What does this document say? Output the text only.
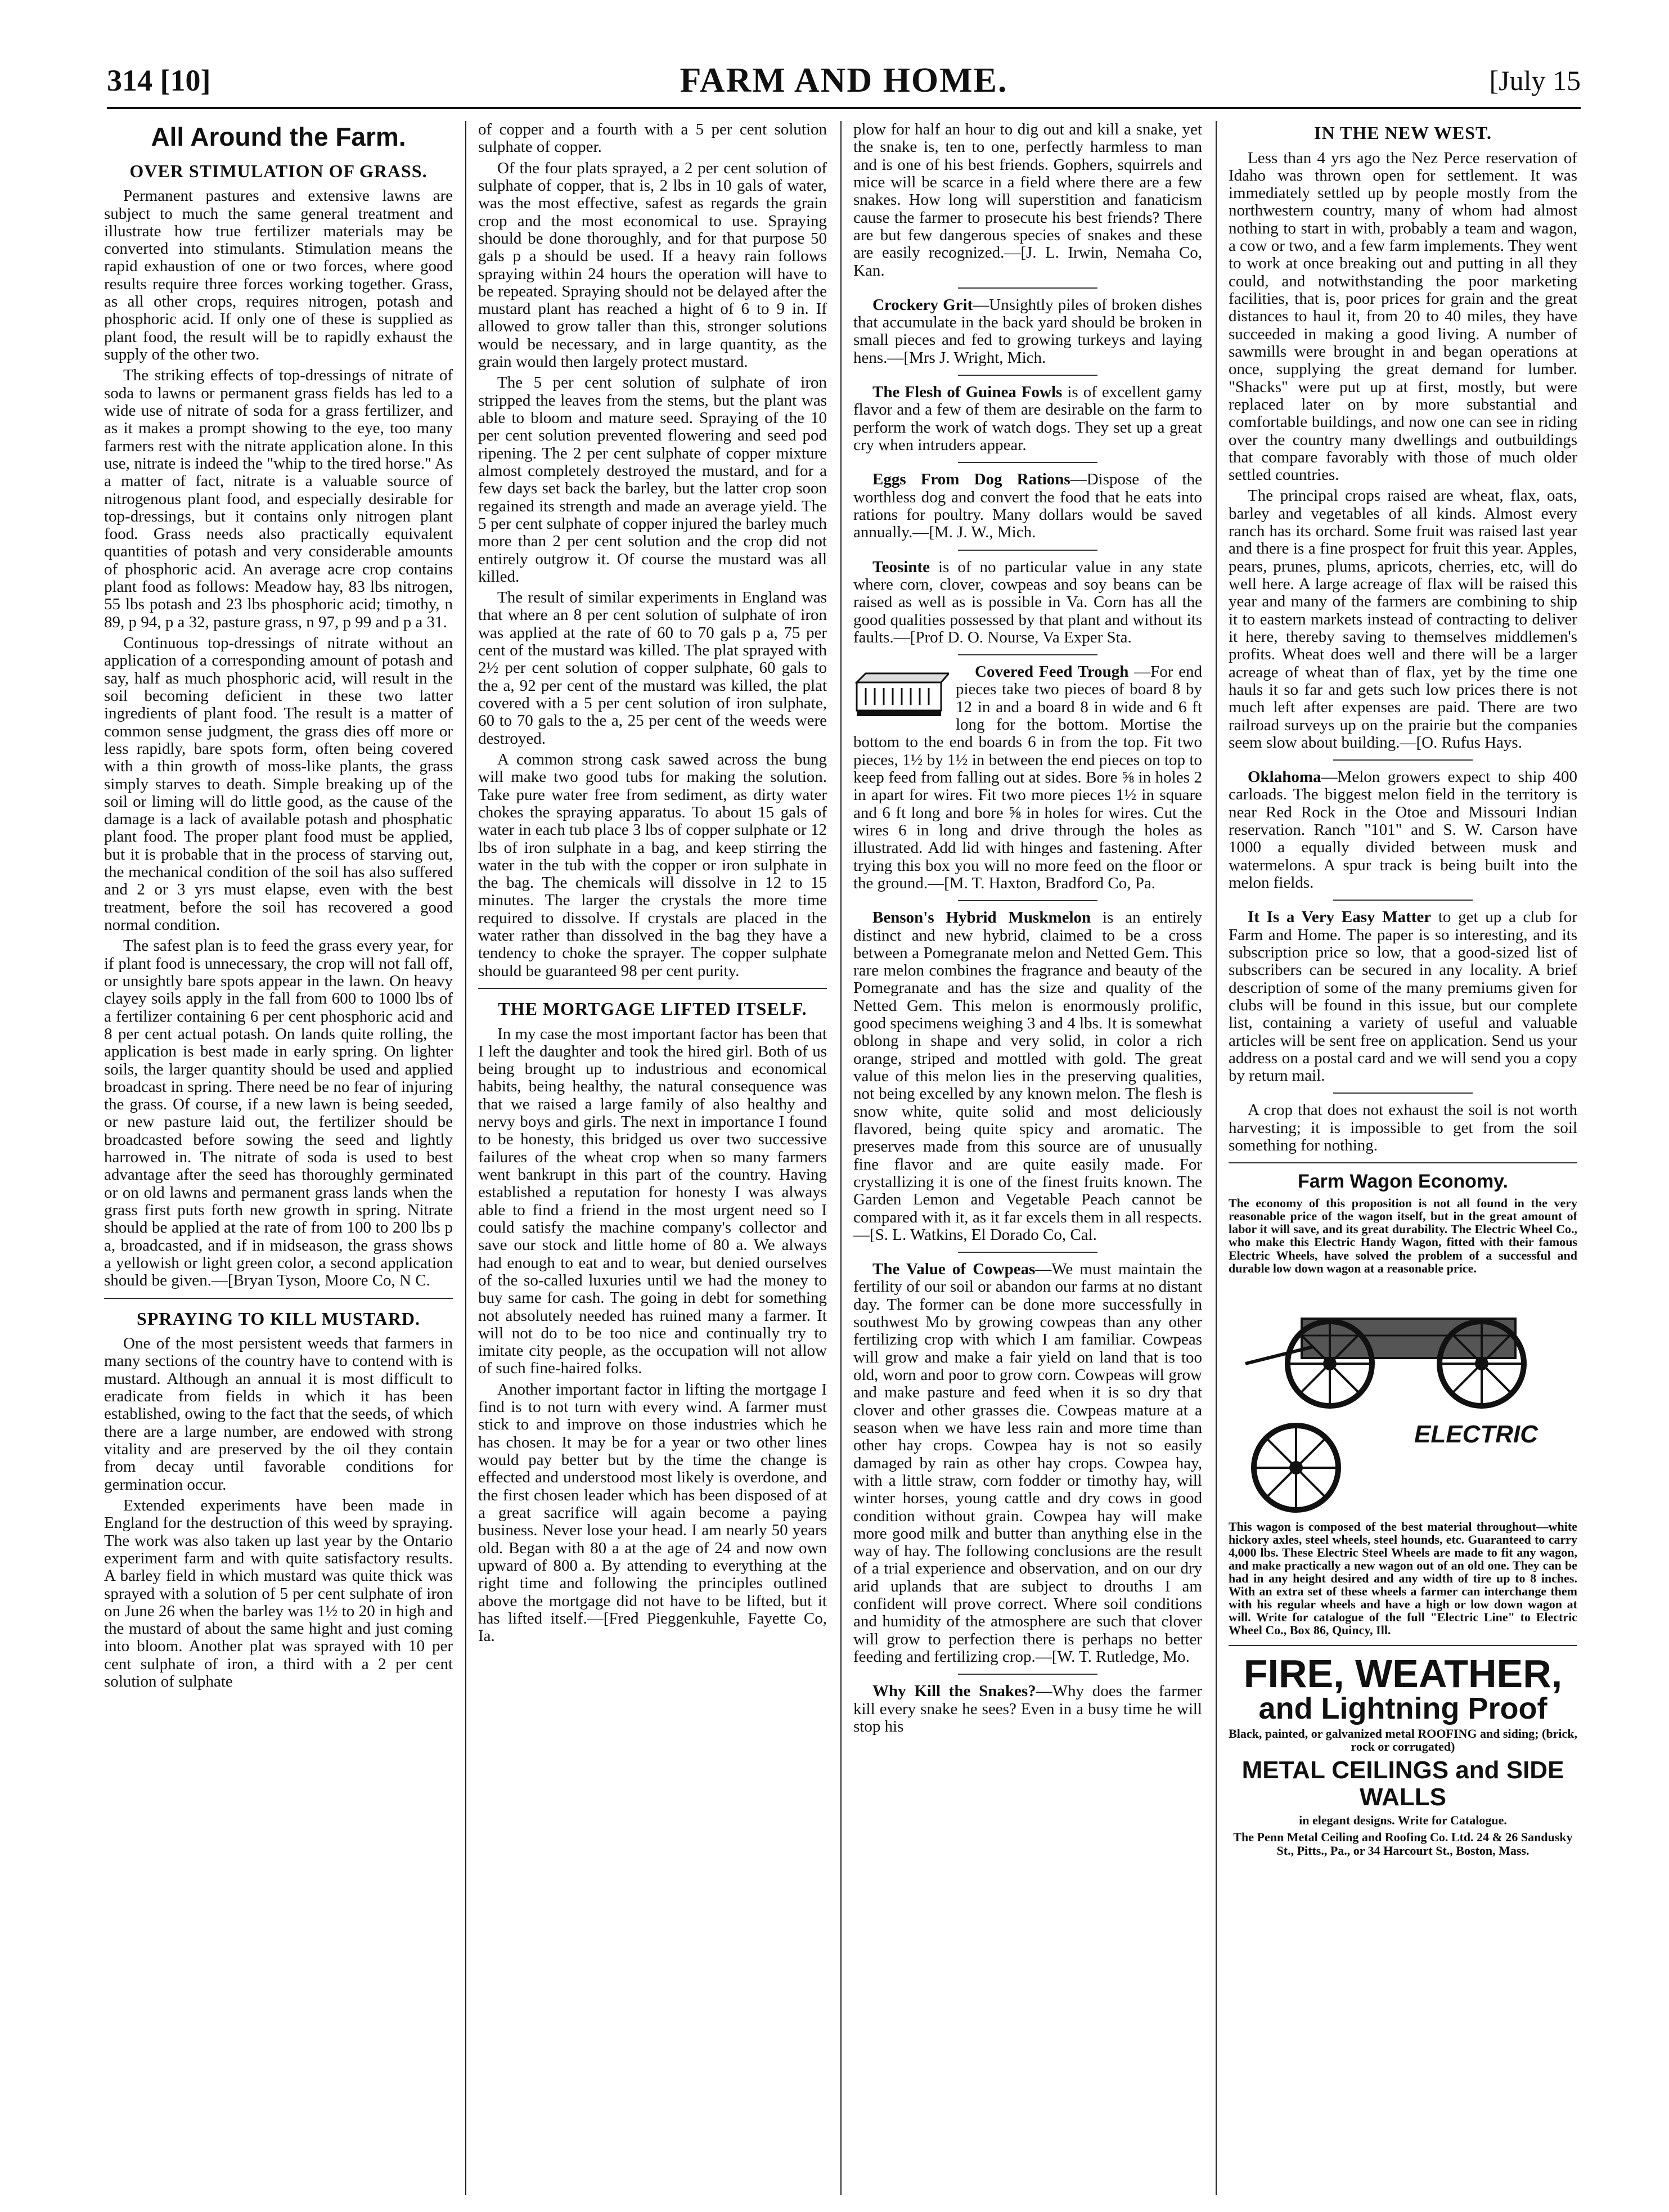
314 [10]	FARM AND HOME.	[July 15
All Around the Farm.
OVER STIMULATION OF GRASS.

Permanent pastures and extensive lawns are subject to much the same general treatment and illustrate how true fertilizer materials may be converted into stimulants. Stimulation means the rapid exhaustion of one or two forces, where good results require three forces working together. Grass, as all other crops, requires nitrogen, potash and phosphoric acid. If only one of these is supplied as plant food, the result will be to rapidly exhaust the supply of the other two.

The striking effects of top-dressings of nitrate of soda to lawns or permanent grass fields has led to a wide use of nitrate of soda for a grass fertilizer, and as it makes a prompt showing to the eye, too many farmers rest with the nitrate application alone. In this use, nitrate is indeed the "whip to the tired horse." As a matter of fact, nitrate is a valuable source of nitrogenous plant food, and especially desirable for top-dressings, but it contains only nitrogen plant food. Grass needs also practically equivalent quantities of potash and very considerable amounts of phosphoric acid. An average acre crop contains plant food as follows: Meadow hay, 83 lbs nitrogen, 55 lbs potash and 23 lbs phosphoric acid; timothy, n 89, p 94, p a 32, pasture grass, n 97, p 99 and p a 31.

Continuous top-dressings of nitrate without an application of a corresponding amount of potash and say, half as much phosphoric acid, will result in the soil becoming deficient in these two latter ingredients of plant food. The result is a matter of common sense judgment, the grass dies off more or less rapidly, bare spots form, often being covered with a thin growth of moss-like plants, the grass simply starves to death. Simple breaking up of the soil or liming will do little good, as the cause of the damage is a lack of available potash and phosphatic plant food. The proper plant food must be applied, but it is probable that in the process of starving out, the mechanical condition of the soil has also suffered and 2 or 3 yrs must elapse, even with the best treatment, before the soil has recovered a good normal condition.

The safest plan is to feed the grass every year, for if plant food is unnecessary, the crop will not fall off, or unsightly bare spots appear in the lawn. On heavy clayey soils apply in the fall from 600 to 1000 lbs of a fertilizer containing 6 per cent phosphoric acid and 8 per cent actual potash. On lands quite rolling, the application is best made in early spring. On lighter soils, the larger quantity should be used and applied broadcast in spring. There need be no fear of injuring the grass. Of course, if a new lawn is being seeded, or new pasture laid out, the fertilizer should be broadcasted before sowing the seed and lightly harrowed in. The nitrate of soda is used to best advantage after the seed has thoroughly germinated or on old lawns and permanent grass lands when the grass first puts forth new growth in spring. Nitrate should be applied at the rate of from 100 to 200 lbs p a, broadcasted, and if in midseason, the grass shows a yellowish or light green color, a second application should be given.—[Bryan Tyson, Moore Co, N C.

SPRAYING TO KILL MUSTARD.

One of the most persistent weeds that farmers in many sections of the country have to contend with is mustard. Although an annual it is most difficult to eradicate from fields in which it has been established, owing to the fact that the seeds, of which there are a large number, are endowed with strong vitality and are preserved by the oil they contain from decay until favorable conditions for germination occur.

Extended experiments have been made in England for the destruction of this weed by spraying. The work was also taken up last year by the Ontario experiment farm and with quite satisfactory results. A barley field in which mustard was quite thick was sprayed with a solution of 5 per cent sulphate of iron on June 26 when the barley was 1½ to 20 in high and the mustard of about the same hight and just coming into bloom. Another plat was sprayed with 10 per cent sulphate of iron, a third with a 2 per cent solution of sulphate

of copper and a fourth with a 5 per cent solution sulphate of copper.

Of the four plats sprayed, a 2 per cent solution of sulphate of copper, that is, 2 lbs in 10 gals of water, was the most effective, safest as regards the grain crop and the most economical to use. Spraying should be done thoroughly, and for that purpose 50 gals p a should be used. If a heavy rain follows spraying within 24 hours the operation will have to be repeated. Spraying should not be delayed after the mustard plant has reached a hight of 6 to 9 in. If allowed to grow taller than this, stronger solutions would be necessary, and in large quantity, as the grain would then largely protect mustard.

The 5 per cent solution of sulphate of iron stripped the leaves from the stems, but the plant was able to bloom and mature seed. Spraying of the 10 per cent solution prevented flowering and seed pod ripening. The 2 per cent sulphate of copper mixture almost completely destroyed the mustard, and for a few days set back the barley, but the latter crop soon regained its strength and made an average yield. The 5 per cent sulphate of copper injured the barley much more than 2 per cent solution and the crop did not entirely outgrow it. Of course the mustard was all killed.

The result of similar experiments in England was that where an 8 per cent solution of sulphate of iron was applied at the rate of 60 to 70 gals p a, 75 per cent of the mustard was killed. The plat sprayed with 2½ per cent solution of copper sulphate, 60 gals to the a, 92 per cent of the mustard was killed, the plat covered with a 5 per cent solution of iron sulphate, 60 to 70 gals to the a, 25 per cent of the weeds were destroyed.

A common strong cask sawed across the bung will make two good tubs for making the solution. Take pure water free from sediment, as dirty water chokes the spraying apparatus. To about 15 gals of water in each tub place 3 lbs of copper sulphate or 12 lbs of iron sulphate in a bag, and keep stirring the water in the tub with the copper or iron sulphate in the bag. The chemicals will dissolve in 12 to 15 minutes. The larger the crystals the more time required to dissolve. If crystals are placed in the water rather than dissolved in the bag they have a tendency to choke the sprayer. The copper sulphate should be guaranteed 98 per cent purity.

THE MORTGAGE LIFTED ITSELF.

In my case the most important factor has been that I left the daughter and took the hired girl. Both of us being brought up to industrious and economical habits, being healthy, the natural consequence was that we raised a large family of also healthy and nervy boys and girls. The next in importance I found to be honesty, this bridged us over two successive failures of the wheat crop when so many farmers went bankrupt in this part of the country. Having established a reputation for honesty I was always able to find a friend in the most urgent need so I could satisfy the machine company's collector and save our stock and little home of 80 a. We always had enough to eat and to wear, but denied ourselves of the so-called luxuries until we had the money to buy same for cash. The going in debt for something not absolutely needed has ruined many a farmer. It will not do to be too nice and continually try to imitate city people, as the occupation will not allow of such fine-haired folks.

Another important factor in lifting the mortgage I find is to not turn with every wind. A farmer must stick to and improve on those industries which he has chosen. It may be for a year or two other lines would pay better but by the time the change is effected and understood most likely is overdone, and the first chosen leader which has been disposed of at a great sacrifice will again become a paying business. Never lose your head. I am nearly 50 years old. Began with 80 a at the age of 24 and now own upward of 800 a. By attending to everything at the right time and following the principles outlined above the mortgage did not have to be lifted, but it has lifted itself.—[Fred Pieggenkuhle, Fayette Co, Ia.

plow for half an hour to dig out and kill a snake, yet the snake is, ten to one, perfectly harmless to man and is one of his best friends. Gophers, squirrels and mice will be scarce in a field where there are a few snakes. How long will superstition and fanaticism cause the farmer to prosecute his best friends? There are but few dangerous species of snakes and these are easily recognized.—[J. L. Irwin, Nemaha Co, Kan.

Crockery Grit—Unsightly piles of broken dishes that accumulate in the back yard should be broken in small pieces and fed to growing turkeys and laying hens.—[Mrs J. Wright, Mich.

The Flesh of Guinea Fowls is of excellent gamy flavor and a few of them are desirable on the farm to perform the work of watch dogs. They set up a great cry when intruders appear.

Eggs From Dog Rations—Dispose of the worthless dog and convert the food that he eats into rations for poultry. Many dollars would be saved annually.—[M. J. W., Mich.

Teosinte is of no particular value in any state where corn, clover, cowpeas and soy beans can be raised as well as is possible in Va. Corn has all the good qualities possessed by that plant and without its faults.—[Prof D. O. Nourse, Va Exper Sta.

Covered Feed Trough —For end pieces take two pieces of board 8 by 12 in and a board 8 in wide and 6 ft long for the bottom. Mortise the bottom to the end boards 6 in from the top. Fit two pieces, 1½ by 1½ in between the end pieces on top to keep feed from falling out at sides. Bore ⅝ in holes 2 in apart for wires. Fit two more pieces 1½ in square and 6 ft long and bore ⅝ in holes for wires. Cut the wires 6 in long and drive through the holes as illustrated. Add lid with hinges and fastening. After trying this box you will no more feed on the floor or the ground.—[M. T. Haxton, Bradford Co, Pa.

Benson's Hybrid Muskmelon is an entirely distinct and new hybrid, claimed to be a cross between a Pomegranate melon and Netted Gem. This rare melon combines the fragrance and beauty of the Pomegranate and has the size and quality of the Netted Gem. This melon is enormously prolific, good specimens weighing 3 and 4 lbs. It is somewhat oblong in shape and very solid, in color a rich orange, striped and mottled with gold. The great value of this melon lies in the preserving qualities, not being excelled by any known melon. The flesh is snow white, quite solid and most deliciously flavored, being quite spicy and aromatic. The preserves made from this source are of unusually fine flavor and are quite easily made. For crystallizing it is one of the finest fruits known. The Garden Lemon and Vegetable Peach cannot be compared with it, as it far excels them in all respects.—[S. L. Watkins, El Dorado Co, Cal.

The Value of Cowpeas—We must maintain the fertility of our soil or abandon our farms at no distant day. The former can be done more successfully in southwest Mo by growing cowpeas than any other fertilizing crop with which I am familiar. Cowpeas will grow and make a fair yield on land that is too old, worn and poor to grow corn. Cowpeas will grow and make pasture and feed when it is so dry that clover and other grasses die. Cowpeas mature at a season when we have less rain and more time than other hay crops. Cowpea hay is not so easily damaged by rain as other hay crops. Cowpea hay, with a little straw, corn fodder or timothy hay, will winter horses, young cattle and dry cows in good condition without grain. Cowpea hay will make more good milk and butter than anything else in the way of hay. The following conclusions are the result of a trial experience and observation, and on our dry arid uplands that are subject to drouths I am confident will prove correct. Where soil conditions and humidity of the atmosphere are such that clover will grow to perfection there is perhaps no better feeding and fertilizing crop.—[W. T. Rutledge, Mo.

Why Kill the Snakes?—Why does the farmer kill every snake he sees? Even in a busy time he will stop his

IN THE NEW WEST.

Less than 4 yrs ago the Nez Perce reservation of Idaho was thrown open for settlement. It was immediately settled up by people mostly from the northwestern country, many of whom had almost nothing to start in with, probably a team and wagon, a cow or two, and a few farm implements. They went to work at once breaking out and putting in all they could, and notwithstanding the poor marketing facilities, that is, poor prices for grain and the great distances to haul it, from 20 to 40 miles, they have succeeded in making a good living. A number of sawmills were brought in and began operations at once, supplying the great demand for lumber. "Shacks" were put up at first, mostly, but were replaced later on by more substantial and comfortable buildings, and now one can see in riding over the country many dwellings and outbuildings that compare favorably with those of much older settled countries.

The principal crops raised are wheat, flax, oats, barley and vegetables of all kinds. Almost every ranch has its orchard. Some fruit was raised last year and there is a fine prospect for fruit this year. Apples, pears, prunes, plums, apricots, cherries, etc, will do well here. A large acreage of flax will be raised this year and many of the farmers are combining to ship it to eastern markets instead of contracting to deliver it here, thereby saving to themselves middlemen's profits. Wheat does well and there will be a larger acreage of wheat than of flax, yet by the time one hauls it so far and gets such low prices there is not much left after expenses are paid. There are two railroad surveys up on the prairie but the companies seem slow about building.—[O. Rufus Hays.

Oklahoma—Melon growers expect to ship 400 carloads. The biggest melon field in the territory is near Red Rock in the Otoe and Missouri Indian reservation. Ranch "101" and S. W. Carson have 1000 a equally divided between musk and watermelons. A spur track is being built into the melon fields.

It Is a Very Easy Matter to get up a club for Farm and Home. The paper is so interesting, and its subscription price so low, that a good-sized list of subscribers can be secured in any locality. A brief description of some of the many premiums given for clubs will be found in this issue, but our complete list, containing a variety of useful and valuable articles will be sent free on application. Send us your address on a postal card and we will send you a copy by return mail.

A crop that does not exhaust the soil is not worth harvesting; it is impossible to get from the soil something for nothing.

Farm Wagon Economy.
The economy of this proposition is not all found in the very reasonable price of the wagon itself, but in the great amount of labor it will save, and its great durability. The Electric Wheel Co., who make this Electric Handy Wagon, fitted with their famous Electric Wheels, have solved the problem of a successful and durable low down wagon at a reasonable price.
ELECTRIC
This wagon is composed of the best material throughout—white hickory axles, steel wheels, steel hounds, etc. Guaranteed to carry 4,000 lbs. These Electric Steel Wheels are made to fit any wagon, and make practically a new wagon out of an old one. They can be had in any height desired and any width of tire up to 8 inches. With an extra set of these wheels a farmer can interchange them with his regular wheels and have a high or low down wagon at will. Write for catalogue of the full "Electric Line" to Electric Wheel Co., Box 86, Quincy, Ill.
FIRE, WEATHER,
and Lightning Proof
Black, painted, or galvanized metal ROOFING and siding; (brick, rock or corrugated)
METAL CEILINGS and SIDE WALLS
in elegant designs. Write for Catalogue.
The Penn Metal Ceiling and Roofing Co. Ltd. 24 & 26 Sandusky St., Pitts., Pa., or 34 Harcourt St., Boston, Mass.
